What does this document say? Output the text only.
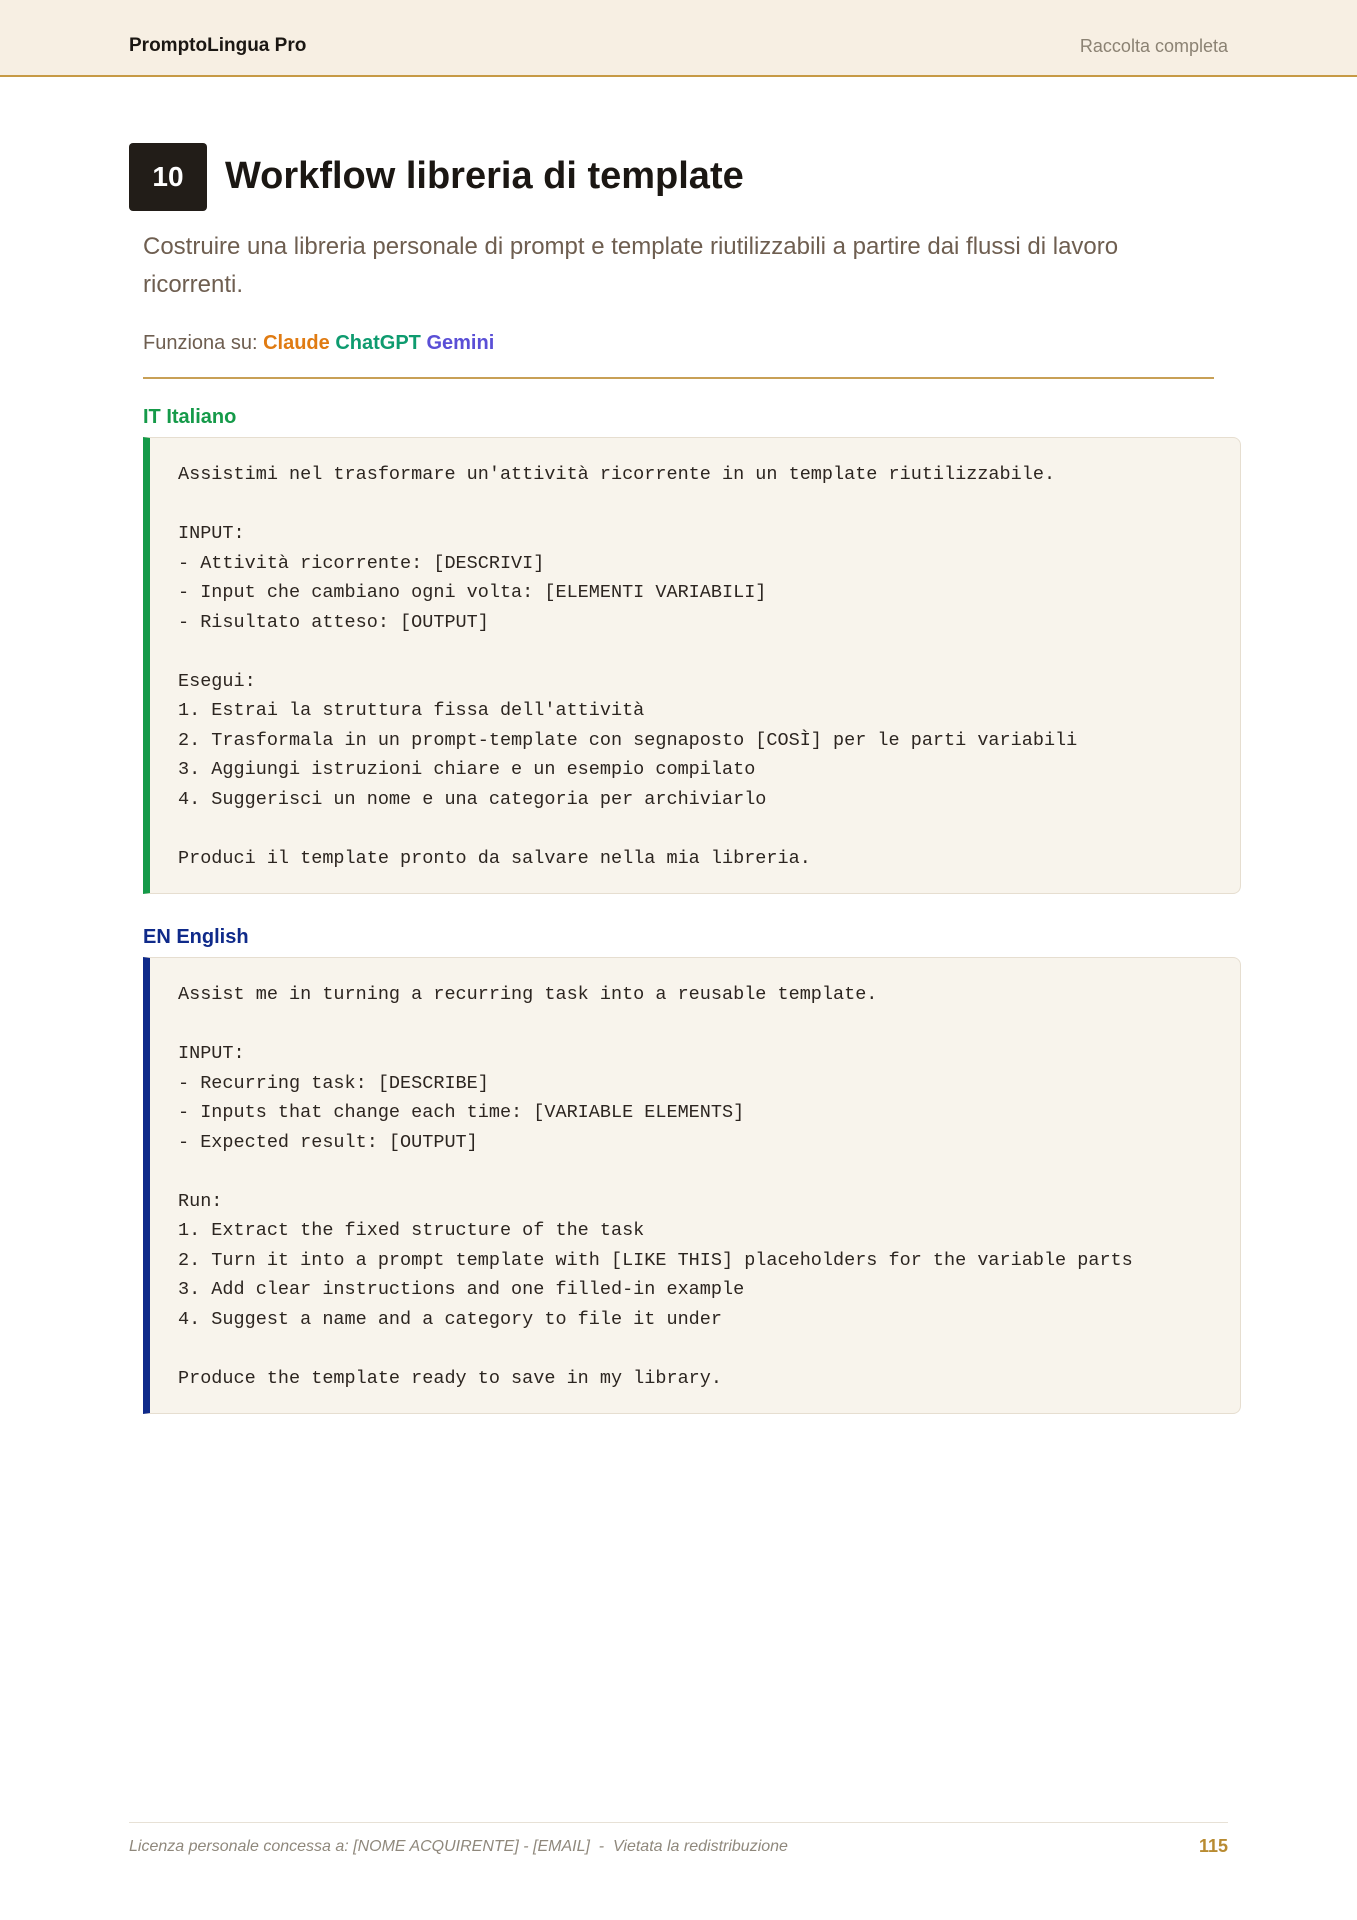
PromptoLingua Pro	Raccolta completa
10	Workflow libreria di template

Costruire una libreria personale di prompt e template riutilizzabili a partire dai flussi di lavoro ricorrenti.

Funziona su: Claude ChatGPT Gemini
IT Italiano
Assistimi nel trasformare un'attività ricorrente in un template riutilizzabile.

INPUT:
- Attività ricorrente: [DESCRIVI]
- Input che cambiano ogni volta: [ELEMENTI VARIABILI]
- Risultato atteso: [OUTPUT]

Esegui:
1. Estrai la struttura fissa dell'attività
2. Trasformala in un prompt-template con segnaposto [COSÌ] per le parti variabili
3. Aggiungi istruzioni chiare e un esempio compilato
4. Suggerisci un nome e una categoria per archiviarlo

Produci il template pronto da salvare nella mia libreria.
EN English
Assist me in turning a recurring task into a reusable template.

INPUT:
- Recurring task: [DESCRIBE]
- Inputs that change each time: [VARIABLE ELEMENTS]
- Expected result: [OUTPUT]

Run:
1. Extract the fixed structure of the task
2. Turn it into a prompt template with [LIKE THIS] placeholders for the variable parts
3. Add clear instructions and one filled-in example
4. Suggest a name and a category to file it under

Produce the template ready to save in my library.
Licenza personale concessa a: [NOME ACQUIRENTE] - [EMAIL]  -  Vietata la redistribuzione	115
